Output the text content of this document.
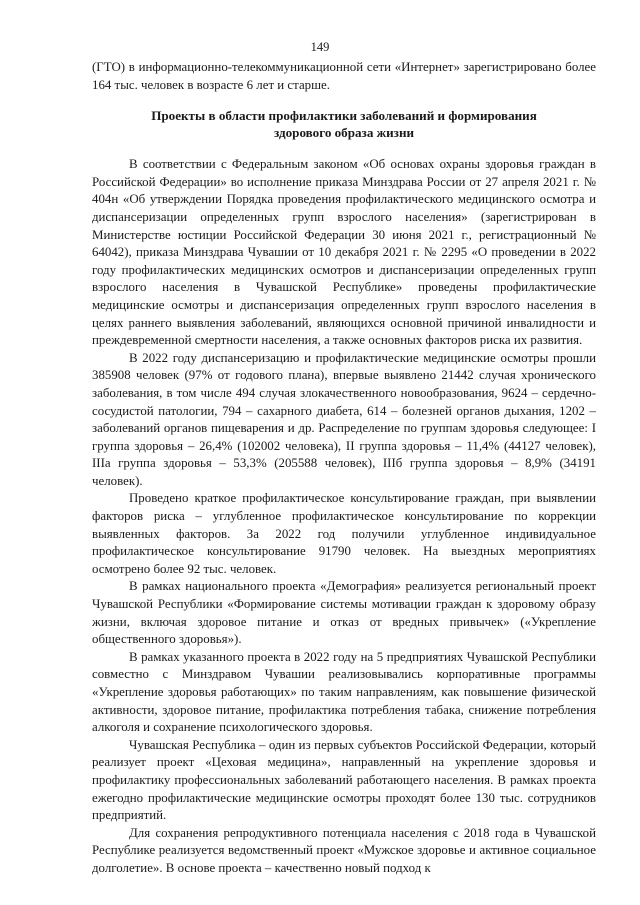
149

(ГТО) в информационно-телекоммуникационной сети «Интернет» зарегистрировано более 164 тыс. человек в возрасте 6 лет и старше.

Проекты в области профилактики заболеваний и формирования здорового образа жизни

В соответствии с Федеральным законом «Об основах охраны здоровья граждан в Российской Федерации» во исполнение приказа Минздрава России от 27 апреля 2021 г. № 404н «Об утверждении Порядка проведения профилактического медицинского осмотра и диспансеризации определенных групп взрослого населения» (зарегистрирован в Министерстве юстиции Российской Федерации 30 июня 2021 г., регистрационный № 64042), приказа Минздрава Чувашии от 10 декабря 2021 г. № 2295 «О проведении в 2022 году профилактических медицинских осмотров и диспансеризации определенных групп взрослого населения в Чувашской Республике» проведены профилактические медицинские осмотры и диспансеризация определенных групп взрослого населения в целях раннего выявления заболеваний, являющихся основной причиной инвалидности и преждевременной смертности населения, а также основных факторов риска их развития.

В 2022 году диспансеризацию и профилактические медицинские осмотры прошли 385908 человек (97% от годового плана), впервые выявлено 21442 случая хронического заболевания, в том числе 494 случая злокачественного новообразования, 9624 – сердечно-сосудистой патологии, 794 – сахарного диабета, 614 – болезней органов дыхания, 1202 – заболеваний органов пищеварения и др. Распределение по группам здоровья следующее: I группа здоровья – 26,4% (102002 человека), II группа здоровья – 11,4% (44127 человек), IIIа группа здоровья – 53,3% (205588 человек), IIIб группа здоровья – 8,9% (34191 человек).

Проведено краткое профилактическое консультирование граждан, при выявлении факторов риска – углубленное профилактическое консультирование по коррекции выявленных факторов. За 2022 год получили углубленное индивидуальное профилактическое консультирование 91790 человек. На выездных мероприятиях осмотрено более 92 тыс. человек.

В рамках национального проекта «Демография» реализуется региональный проект Чувашской Республики «Формирование системы мотивации граждан к здоровому образу жизни, включая здоровое питание и отказ от вредных привычек» («Укрепление общественного здоровья»).

В рамках указанного проекта в 2022 году на 5 предприятиях Чувашской Республики совместно с Минздравом Чувашии реализовывались корпоративные программы «Укрепление здоровья работающих» по таким направлениям, как повышение физической активности, здоровое питание, профилактика потребления табака, снижение потребления алкоголя и сохранение психологического здоровья.

Чувашская Республика – один из первых субъектов Российской Федерации, который реализует проект «Цеховая медицина», направленный на укрепление здоровья и профилактику профессиональных заболеваний работающего населения. В рамках проекта ежегодно профилактические медицинские осмотры проходят более 130 тыс. сотрудников предприятий.

Для сохранения репродуктивного потенциала населения с 2018 года в Чувашской Республике реализуется ведомственный проект «Мужское здоровье и активное социальное долголетие». В основе проекта – качественно новый подход к
